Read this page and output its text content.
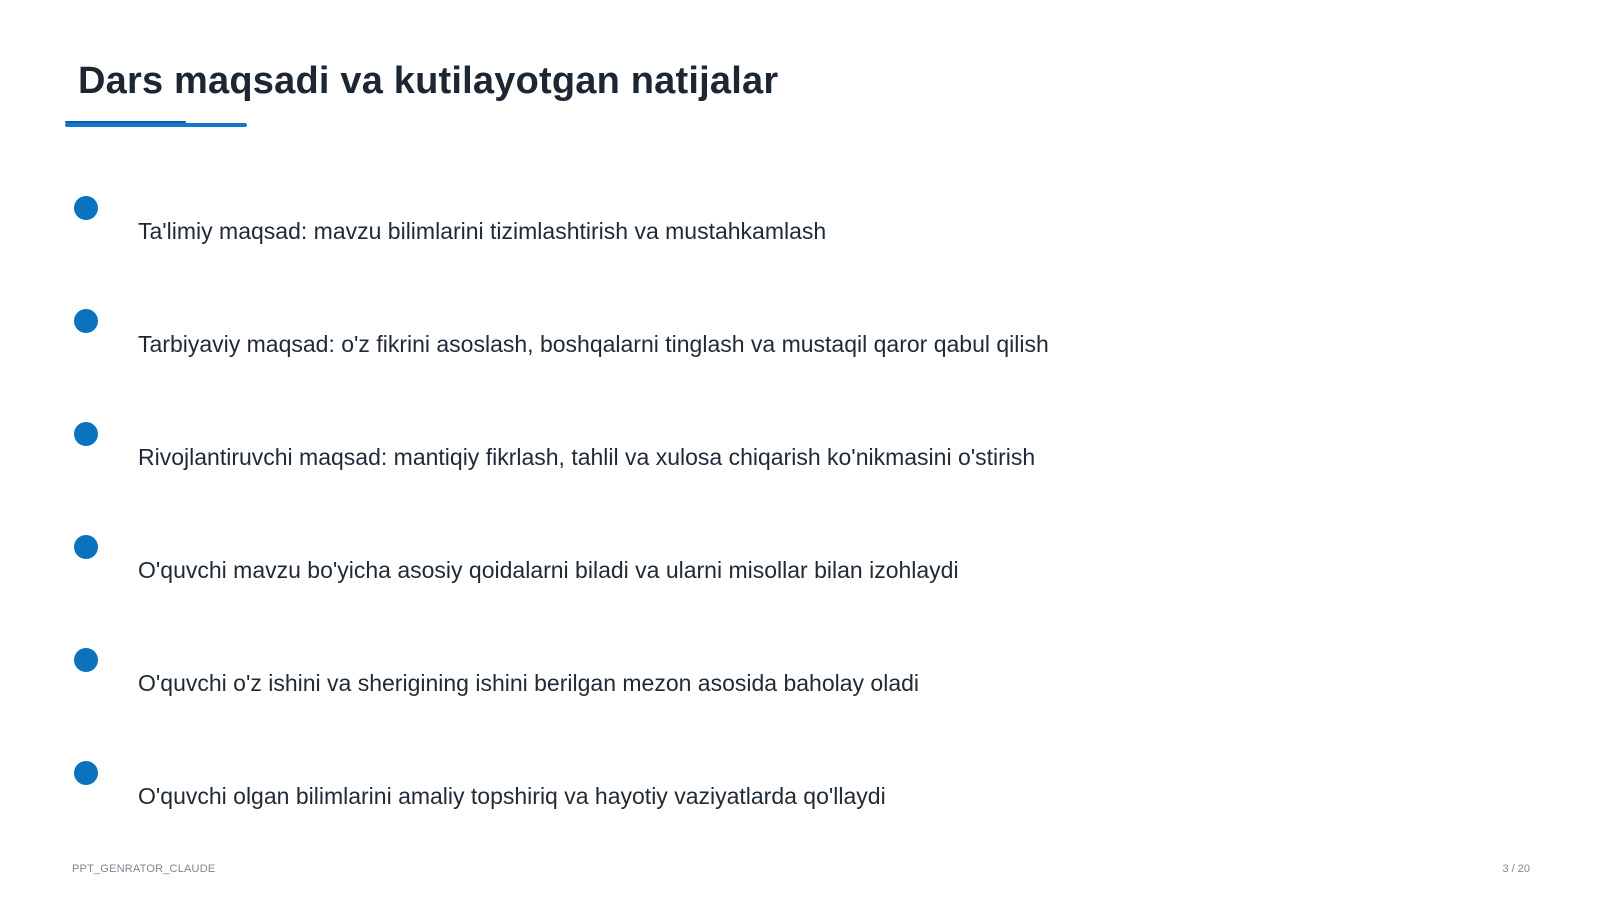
Dars maqsadi va kutilayotgan natijalar
Ta'limiy maqsad: mavzu bilimlarini tizimlashtirish va mustahkamlash
Tarbiyaviy maqsad: o'z fikrini asoslash, boshqalarni tinglash va mustaqil qaror qabul qilish
Rivojlantiruvchi maqsad: mantiqiy fikrlash, tahlil va xulosa chiqarish ko'nikmasini o'stirish
O'quvchi mavzu bo'yicha asosiy qoidalarni biladi va ularni misollar bilan izohlaydi
O'quvchi o'z ishini va sherigining ishini berilgan mezon asosida baholay oladi
O'quvchi olgan bilimlarini amaliy topshiriq va hayotiy vaziyatlarda qo'llaydi
PPT_GENRATOR_CLAUDE	3 / 20
